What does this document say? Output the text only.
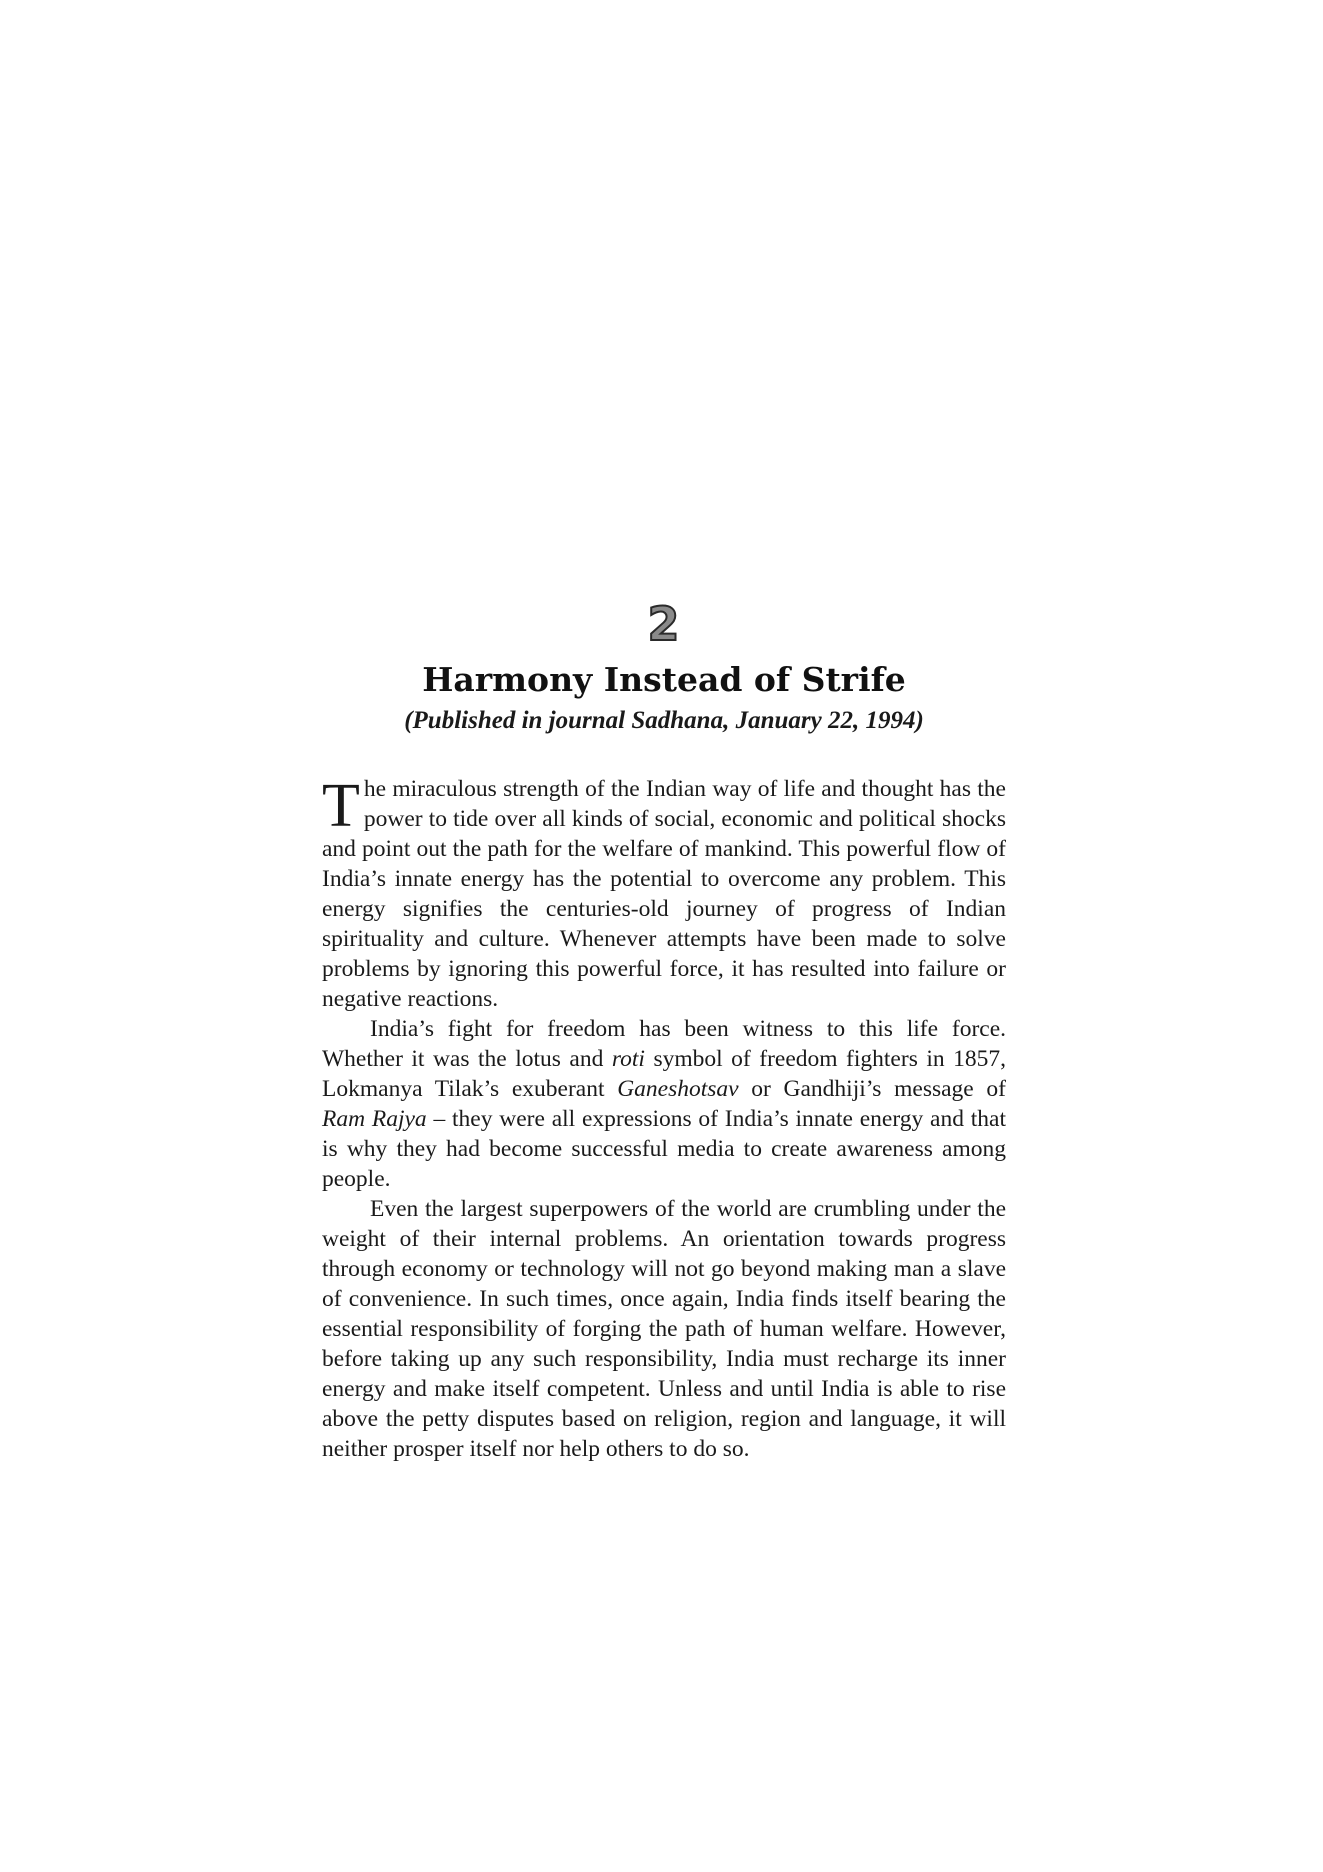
2
Harmony Instead of Strife
(Published in journal Sadhana, January 22, 1994)

The miraculous strength of the Indian way of life and thought has the power to tide over all kinds of social, economic and political shocks and point out the path for the welfare of mankind. This powerful flow of India’s innate energy has the potential to overcome any problem. This energy signifies the centuries-old journey of progress of Indian spirituality and culture. Whenever attempts have been made to solve problems by ignoring this powerful force, it has resulted into failure or negative reactions.

India’s fight for freedom has been witness to this life force. Whether it was the lotus and roti symbol of freedom fighters in 1857, Lokmanya Tilak’s exuberant Ganeshotsav or Gandhiji’s message of Ram Rajya – they were all expressions of India’s innate energy and that is why they had become successful media to create awareness among people.

Even the largest superpowers of the world are crumbling under the weight of their internal problems. An orientation towards progress through economy or technology will not go beyond making man a slave of convenience. In such times, once again, India finds itself bearing the essential responsibility of forging the path of human welfare. However, before taking up any such responsibility, India must recharge its inner energy and make itself competent. Unless and until India is able to rise above the petty disputes based on religion, region and language, it will neither prosper itself nor help others to do so.
